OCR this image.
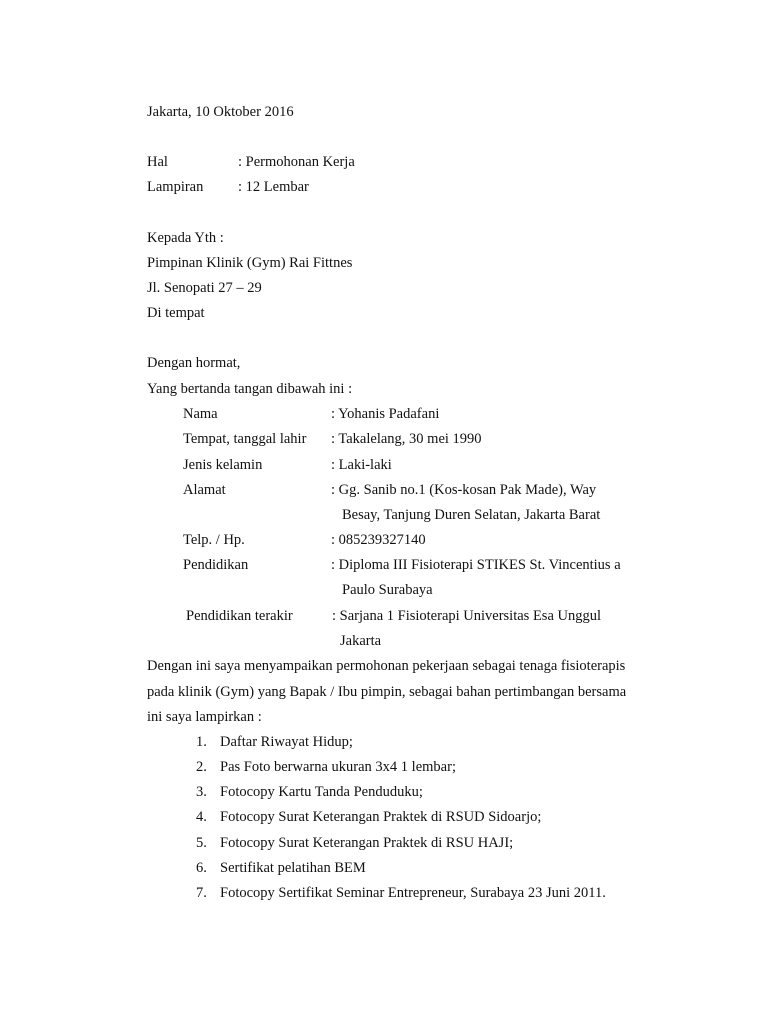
Jakarta, 10 Oktober 2016
Hal	: Permohonan Kerja
Lampiran : 12 Lembar
Kepada Yth :
Pimpinan Klinik (Gym) Rai Fittnes
Jl. Senopati 27 – 29
Di tempat
Dengan hormat,
Yang bertanda tangan dibawah ini :
Nama	: Yohanis Padafani
Tempat, tanggal lahir : Takalelang, 30 mei 1990
Jenis kelamin	: Laki-laki
Alamat	: Gg. Sanib no.1 (Kos-kosan Pak Made), Way
Besay, Tanjung Duren Selatan, Jakarta Barat
Telp. / Hp.	: 085239327140
Pendidikan	: Diploma III Fisioterapi STIKES St. Vincentius a
Paulo Surabaya
Pendidikan terakir	: Sarjana 1 Fisioterapi Universitas Esa Unggul
Jakarta
Dengan ini saya menyampaikan permohonan pekerjaan sebagai tenaga fisioterapis
pada klinik (Gym) yang Bapak / Ibu pimpin, sebagai bahan pertimbangan bersama
ini saya lampirkan :
1. Daftar Riwayat Hidup;
2. Pas Foto berwarna ukuran 3x4 1 lembar;
3. Fotocopy Kartu Tanda Penduduku;
4. Fotocopy Surat Keterangan Praktek di RSUD Sidoarjo;
5. Fotocopy Surat Keterangan Praktek di RSU HAJI;
6. Sertifikat pelatihan BEM
7. Fotocopy Sertifikat Seminar Entrepreneur, Surabaya 23 Juni 2011.
